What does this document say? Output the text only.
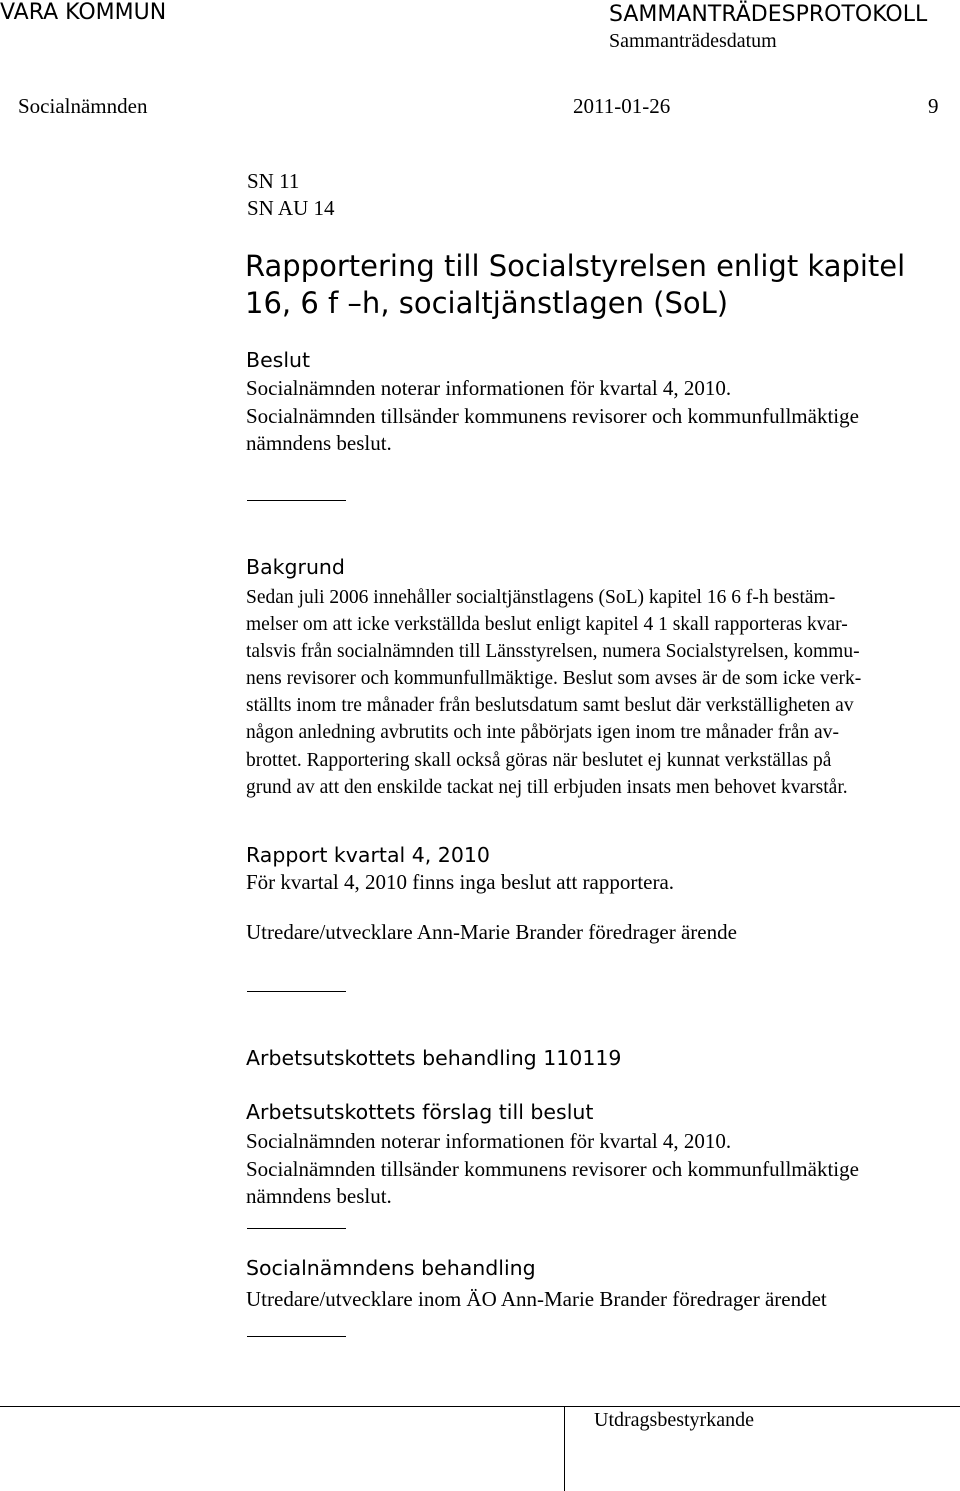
VARA KOMMUN	SAMMANTRÄDESPROTOKOLL
Sammanträdesdatum
Socialnämnden	2011-01-26	9
SN 11
SN AU 14
Rapportering till Socialstyrelsen enligt kapitel
16, 6 f –h, socialtjänstlagen (SoL)
Beslut
Socialnämnden noterar informationen för kvartal 4, 2010.
Socialnämnden tillsänder kommunens revisorer och kommunfullmäktige
nämndens beslut.
Bakgrund
Sedan juli 2006 innehåller socialtjänstlagens (SoL) kapitel 16 6 f-h bestäm-
melser om att icke verkställda beslut enligt kapitel 4 1 skall rapporteras kvar-
talsvis från socialnämnden till Länsstyrelsen, numera Socialstyrelsen, kommu-
nens revisorer och kommunfullmäktige. Beslut som avses är de som icke verk-
ställts inom tre månader från beslutsdatum samt beslut där verkställigheten av
någon anledning avbrutits och inte påbörjats igen inom tre månader från av-
brottet. Rapportering skall också göras när beslutet ej kunnat verkställas på
grund av att den enskilde tackat nej till erbjuden insats men behovet kvarstår.
Rapport kvartal 4, 2010
För kvartal 4, 2010 finns inga beslut att rapportera.
Utredare/utvecklare Ann-Marie Brander föredrager ärende
Arbetsutskottets behandling 110119
Arbetsutskottets förslag till beslut
Socialnämnden noterar informationen för kvartal 4, 2010.
Socialnämnden tillsänder kommunens revisorer och kommunfullmäktige
nämndens beslut.
Socialnämndens behandling
Utredare/utvecklare inom ÄO Ann-Marie Brander föredrager ärendet
Utdragsbestyrkande
